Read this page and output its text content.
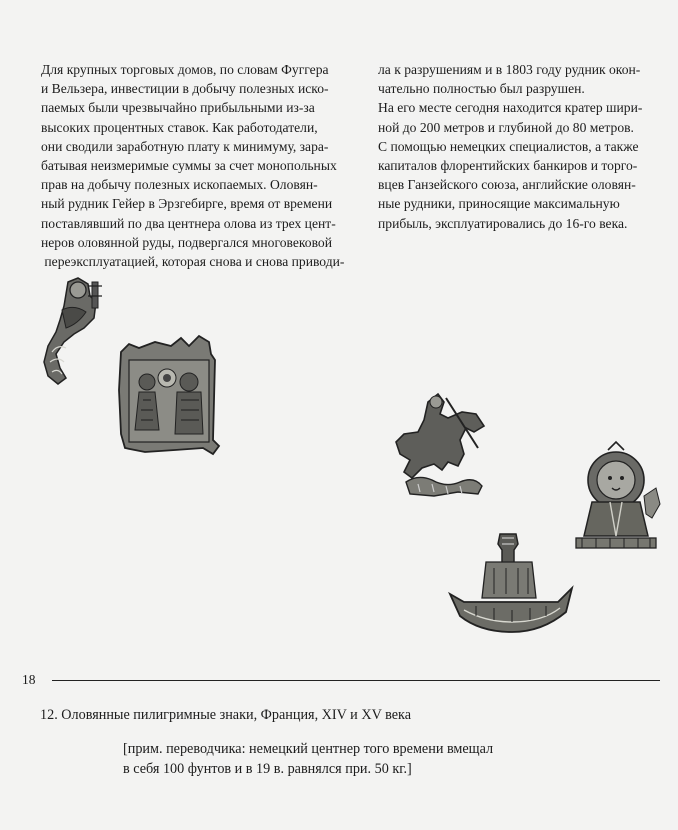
Для крупных торговых домов, по словам Фуггера
и Вельзера, инвестиции в добычу полезных иско-
паемых были чрезвычайно прибыльными из-за
высоких процентных ставок. Как работодатели,
они сводили заработную плату к минимуму, зара-
батывая неизмеримые суммы за счет монопольных
прав на добычу полезных ископаемых. Оловян-
ный рудник Гейер в Эрзгебирге, время от времени
поставлявший по два центнера олова из трех цент-
неров оловянной руды, подвергался многовековой
переэксплуатацией, которая снова и снова приводи-
ла к разрушениям и в 1803 году рудник окон-
чательно полностью был разрушен.
На его месте сегодня находится кратер шири-
ной до 200 метров и глубиной до 80 метров.
С помощью немецких специалистов, а также
капиталов флорентийских банкиров и торго-
вцев Ганзейского союза, английские оловян-
ные рудники, приносящие максимальную
прибыль, эксплуатировались до 16-го века.
18
12. Оловянные пилигримные знаки, Франция, XIV и XV века
[прим. переводчика: немецкий центнер того времени вмещал
в себя 100 фунтов и в 19 в. равнялся при. 50 кг.]
